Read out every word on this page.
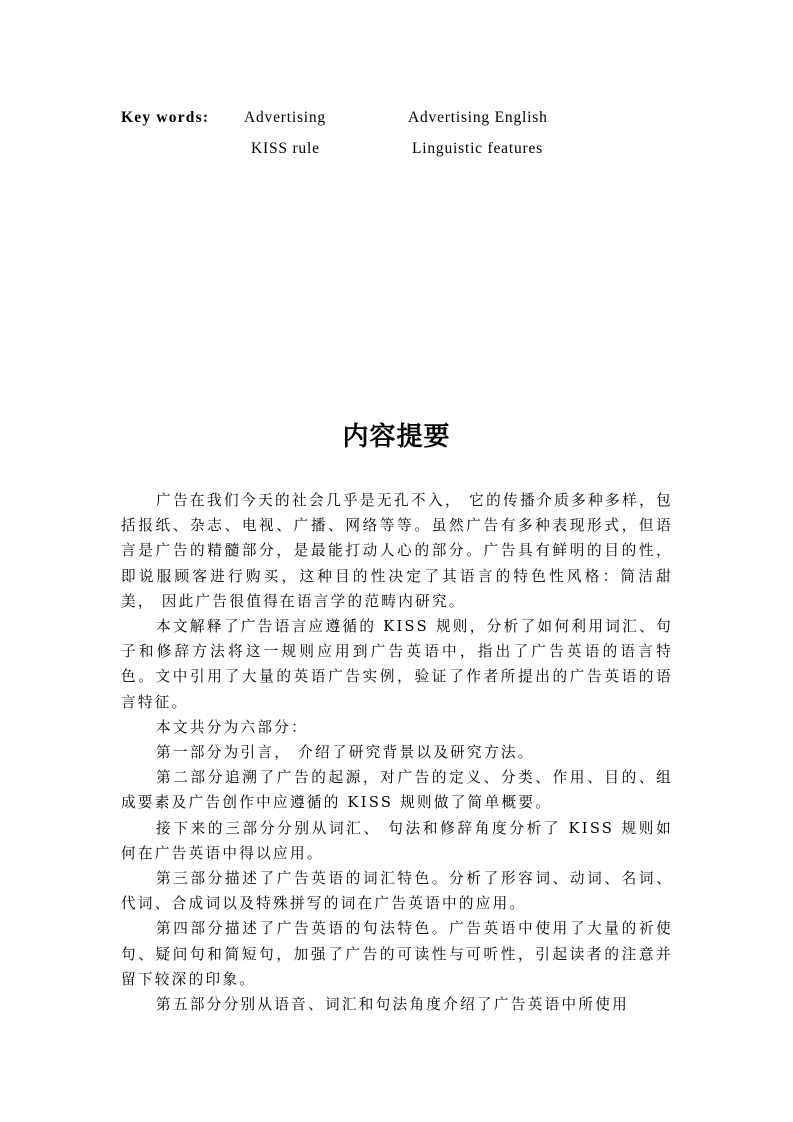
Key words: Advertising	Advertising English
KISS rule	Linguistic features
内容提要

广告在我们今天的社会几乎是无孔不入， 它的传播介质多种多样，包括报纸、杂志、电视、广播、网络等等。虽然广告有多种表现形式，但语言是广告的精髓部分，是最能打动人心的部分。广告具有鲜明的目的性，即说服顾客进行购买，这种目的性决定了其语言的特色性风格：简洁甜美， 因此广告很值得在语言学的范畴内研究。

本文解释了广告语言应遵循的 KISS 规则，分析了如何利用词汇、句子和修辞方法将这一规则应用到广告英语中，指出了广告英语的语言特色。文中引用了大量的英语广告实例，验证了作者所提出的广告英语的语言特征。

本文共分为六部分：

第一部分为引言， 介绍了研究背景以及研究方法。

第二部分追溯了广告的起源，对广告的定义、分类、作用、目的、组成要素及广告创作中应遵循的 KISS 规则做了简单概要。

接下来的三部分分别从词汇、 句法和修辞角度分析了 KISS 规则如何在广告英语中得以应用。

第三部分描述了广告英语的词汇特色。分析了形容词、动词、名词、代词、合成词以及特殊拼写的词在广告英语中的应用。

第四部分描述了广告英语的句法特色。广告英语中使用了大量的祈使句、疑问句和简短句，加强了广告的可读性与可听性，引起读者的注意并留下较深的印象。

第五部分分别从语音、词汇和句法角度介绍了广告英语中所使用
